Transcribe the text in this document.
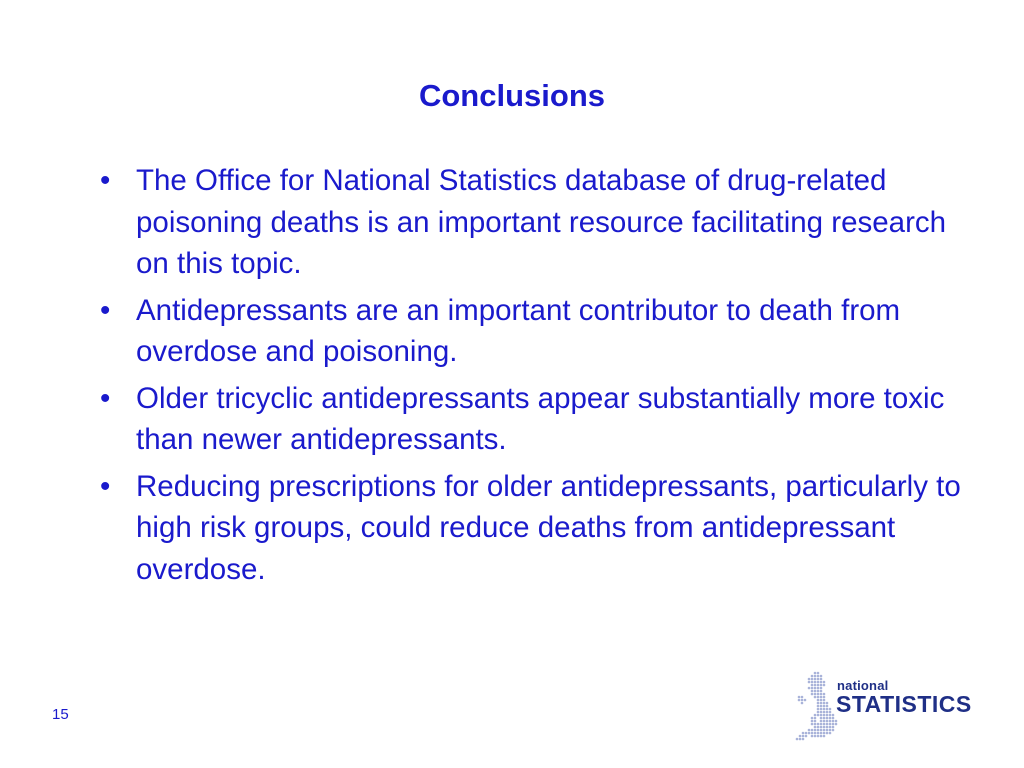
Conclusions
• The Office for National Statistics database of drug-related poisoning deaths is an important resource facilitating research on this topic.
• Antidepressants are an important contributor to death from overdose and poisoning.
• Older tricyclic antidepressants appear substantially more toxic than newer antidepressants.
• Reducing prescriptions for older antidepressants, particularly to high risk groups, could reduce deaths from antidepressant overdose.
15
national
STATISTICS
